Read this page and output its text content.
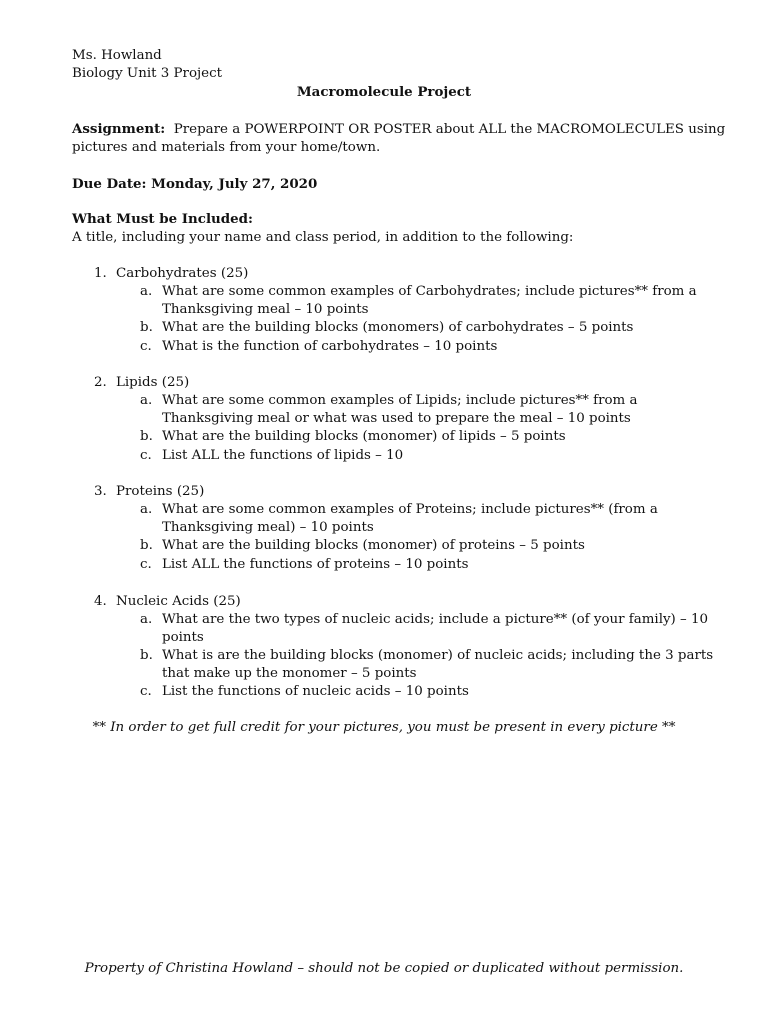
Ms. Howland
Biology Unit 3 Project
Macromolecule Project
Assignment: Prepare a POWERPOINT OR POSTER about ALL the MACROMOLECULES using
pictures and materials from your home/town.
Due Date: Monday, July 27, 2020
What Must be Included:
A title, including your name and class period, in addition to the following:
1. Carbohydrates (25)
a. What are some common examples of Carbohydrates; include pictures** from a
Thanksgiving meal – 10 points
b. What are the building blocks (monomers) of carbohydrates – 5 points
c. What is the function of carbohydrates – 10 points
2. Lipids (25)
a. What are some common examples of Lipids; include pictures** from a
Thanksgiving meal or what was used to prepare the meal – 10 points
b. What are the building blocks (monomer) of lipids – 5 points
c. List ALL the functions of lipids – 10
3. Proteins (25)
a. What are some common examples of Proteins; include pictures** (from a
Thanksgiving meal) – 10 points
b. What are the building blocks (monomer) of proteins – 5 points
c. List ALL the functions of proteins – 10 points
4. Nucleic Acids (25)
a. What are the two types of nucleic acids; include a picture** (of your family) – 10
points
b. What is are the building blocks (monomer) of nucleic acids; including the 3 parts
that make up the monomer – 5 points
c. List the functions of nucleic acids – 10 points
** In order to get full credit for your pictures, you must be present in every picture **
Property of Christina Howland – should not be copied or duplicated without permission.
